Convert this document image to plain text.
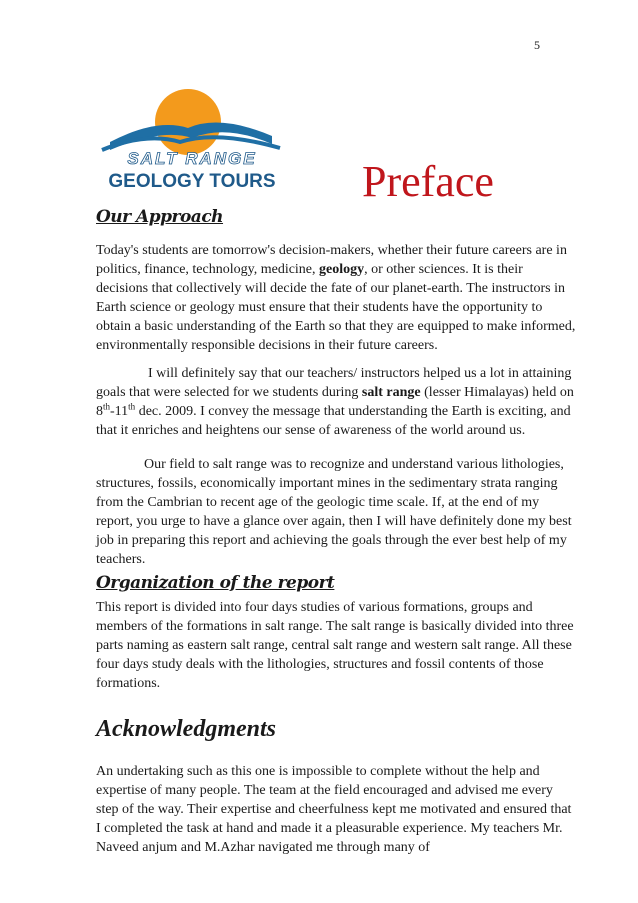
5
SALT RANGE
GEOLOGY TOURS Preface
Our Approach

Today's students are tomorrow's decision-makers, whether their future careers are in politics, finance, technology, medicine, geology, or other sciences. It is their decisions that collectively will decide the fate of our planet-earth. The instructors in Earth science or geology must ensure that their students have the opportunity to obtain a basic understanding of the Earth so that they are equipped to make informed, environmentally responsible decisions in their future careers.

I will definitely say that our teachers/ instructors helped us a lot in attaining goals that were selected for we students during salt range (lesser Himalayas) held on 8th-11th dec. 2009. I convey the message that understanding the Earth is exciting, and that it enriches and heightens our sense of awareness of the world around us.

Our field to salt range was to recognize and understand various lithologies, structures, fossils, economically important mines in the sedimentary strata ranging from the Cambrian to recent age of the geologic time scale. If, at the end of my report, you urge to have a glance over again, then I will have definitely done my best job in preparing this report and achieving the goals through the ever best help of my teachers.

Organization of the report

This report is divided into four days studies of various formations, groups and members of the formations in salt range. The salt range is basically divided into three parts naming as eastern salt range, central salt range and western salt range. All these four days study deals with the lithologies, structures and fossil contents of those formations.

Acknowledgments

An undertaking such as this one is impossible to complete without the help and expertise of many people. The team at the field encouraged and advised me every step of the way. Their expertise and cheerfulness kept me motivated and ensured that I completed the task at hand and made it a pleasurable experience. My teachers Mr. Naveed anjum and M.Azhar navigated me through many of
